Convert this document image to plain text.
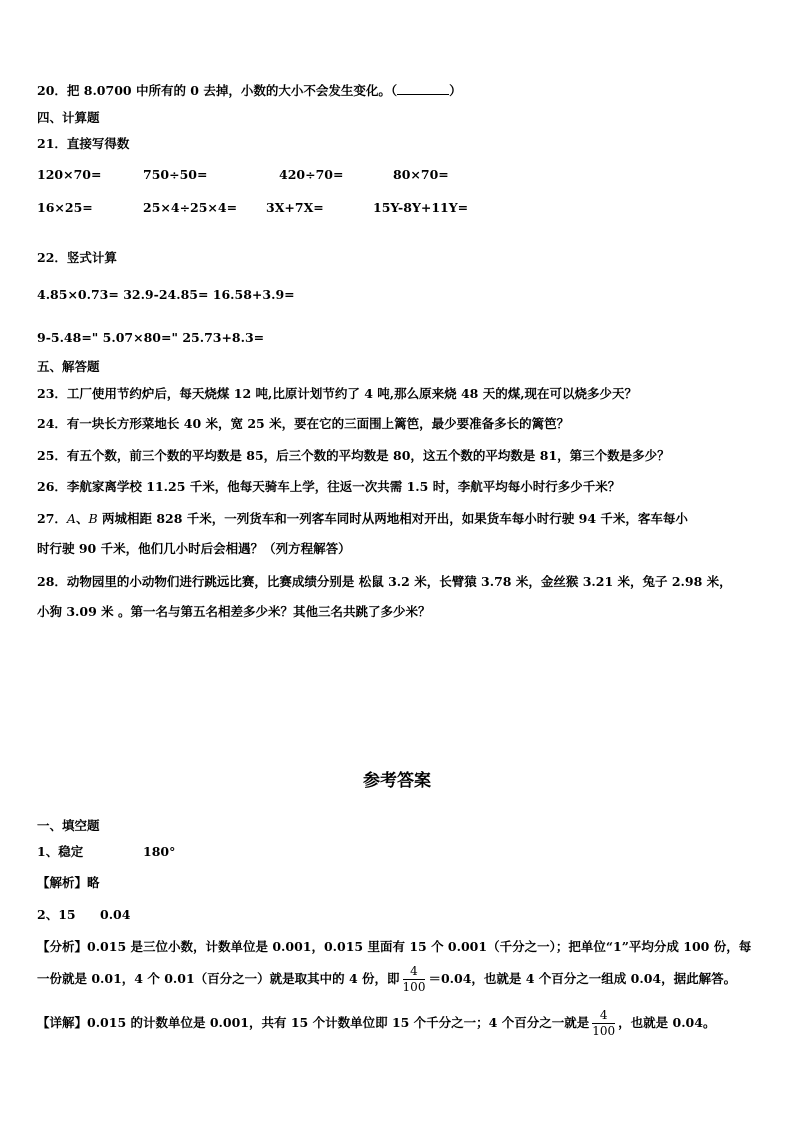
20．把 8.0700 中所有的 0 去掉，小数的大小不会发生变化。（	）
四、计算题
21．直接写得数
120×70=	750÷50=	420÷70=	80×70=
16×25=	25×4÷25×4= 3X+7X=	15Y-8Y+11Y=
22．竖式计算
4.85×0.73= 32.9-24.85= 16.58+3.9=
9-5.48=" 5.07×80=" 25.73+8.3=
五、解答题
23．工厂使用节约炉后，每天烧煤 12 吨,比原计划节约了 4 吨,那么原来烧 48 天的煤,现在可以烧多少天？
24．有一块长方形菜地长 40 米，宽 25 米，要在它的三面围上篱笆，最少要准备多长的篱笆？
25．有五个数，前三个数的平均数是 85，后三个数的平均数是 80，这五个数的平均数是 81，第三个数是多少？
26．李航家离学校 11.25 千米，他每天骑车上学，往返一次共需 1.5 时，李航平均每小时行多少千米？
27．A、B 两城相距 828 千米，一列货车和一列客车同时从两地相对开出，如果货车每小时行驶 94 千米，客车每小
时行驶 90 千米，他们几小时后会相遇？（列方程解答）
28．动物园里的小动物们进行跳远比赛，比赛成绩分别是 松鼠 3.2 米，长臂猿 3.78 米，金丝猴 3.21 米，兔子 2.98 米，
小狗 3.09 米 。第一名与第五名相差多少米？其他三名共跳了多少米？
参考答案
一、填空题
1、稳定	180°
【解析】略
2、15 0.04
【分析】0.015 是三位小数，计数单位是 0.001，0.015 里面有 15 个 0.001（千分之一）；把单位“1”平均分成 100 份，每
一份就是 0.01，4 个 0.01（百分之一）就是取其中的 4 份，即 $\frac{4}{100} =0.04$，也就是 4 个百分之一组成 0.04，据此解答。
【详解】0.015 的计数单位是 0.001，共有 15 个计数单位即 15 个千分之一；4 个百分之一就是 $\frac{4}{100}$ ，也就是 0.04。
